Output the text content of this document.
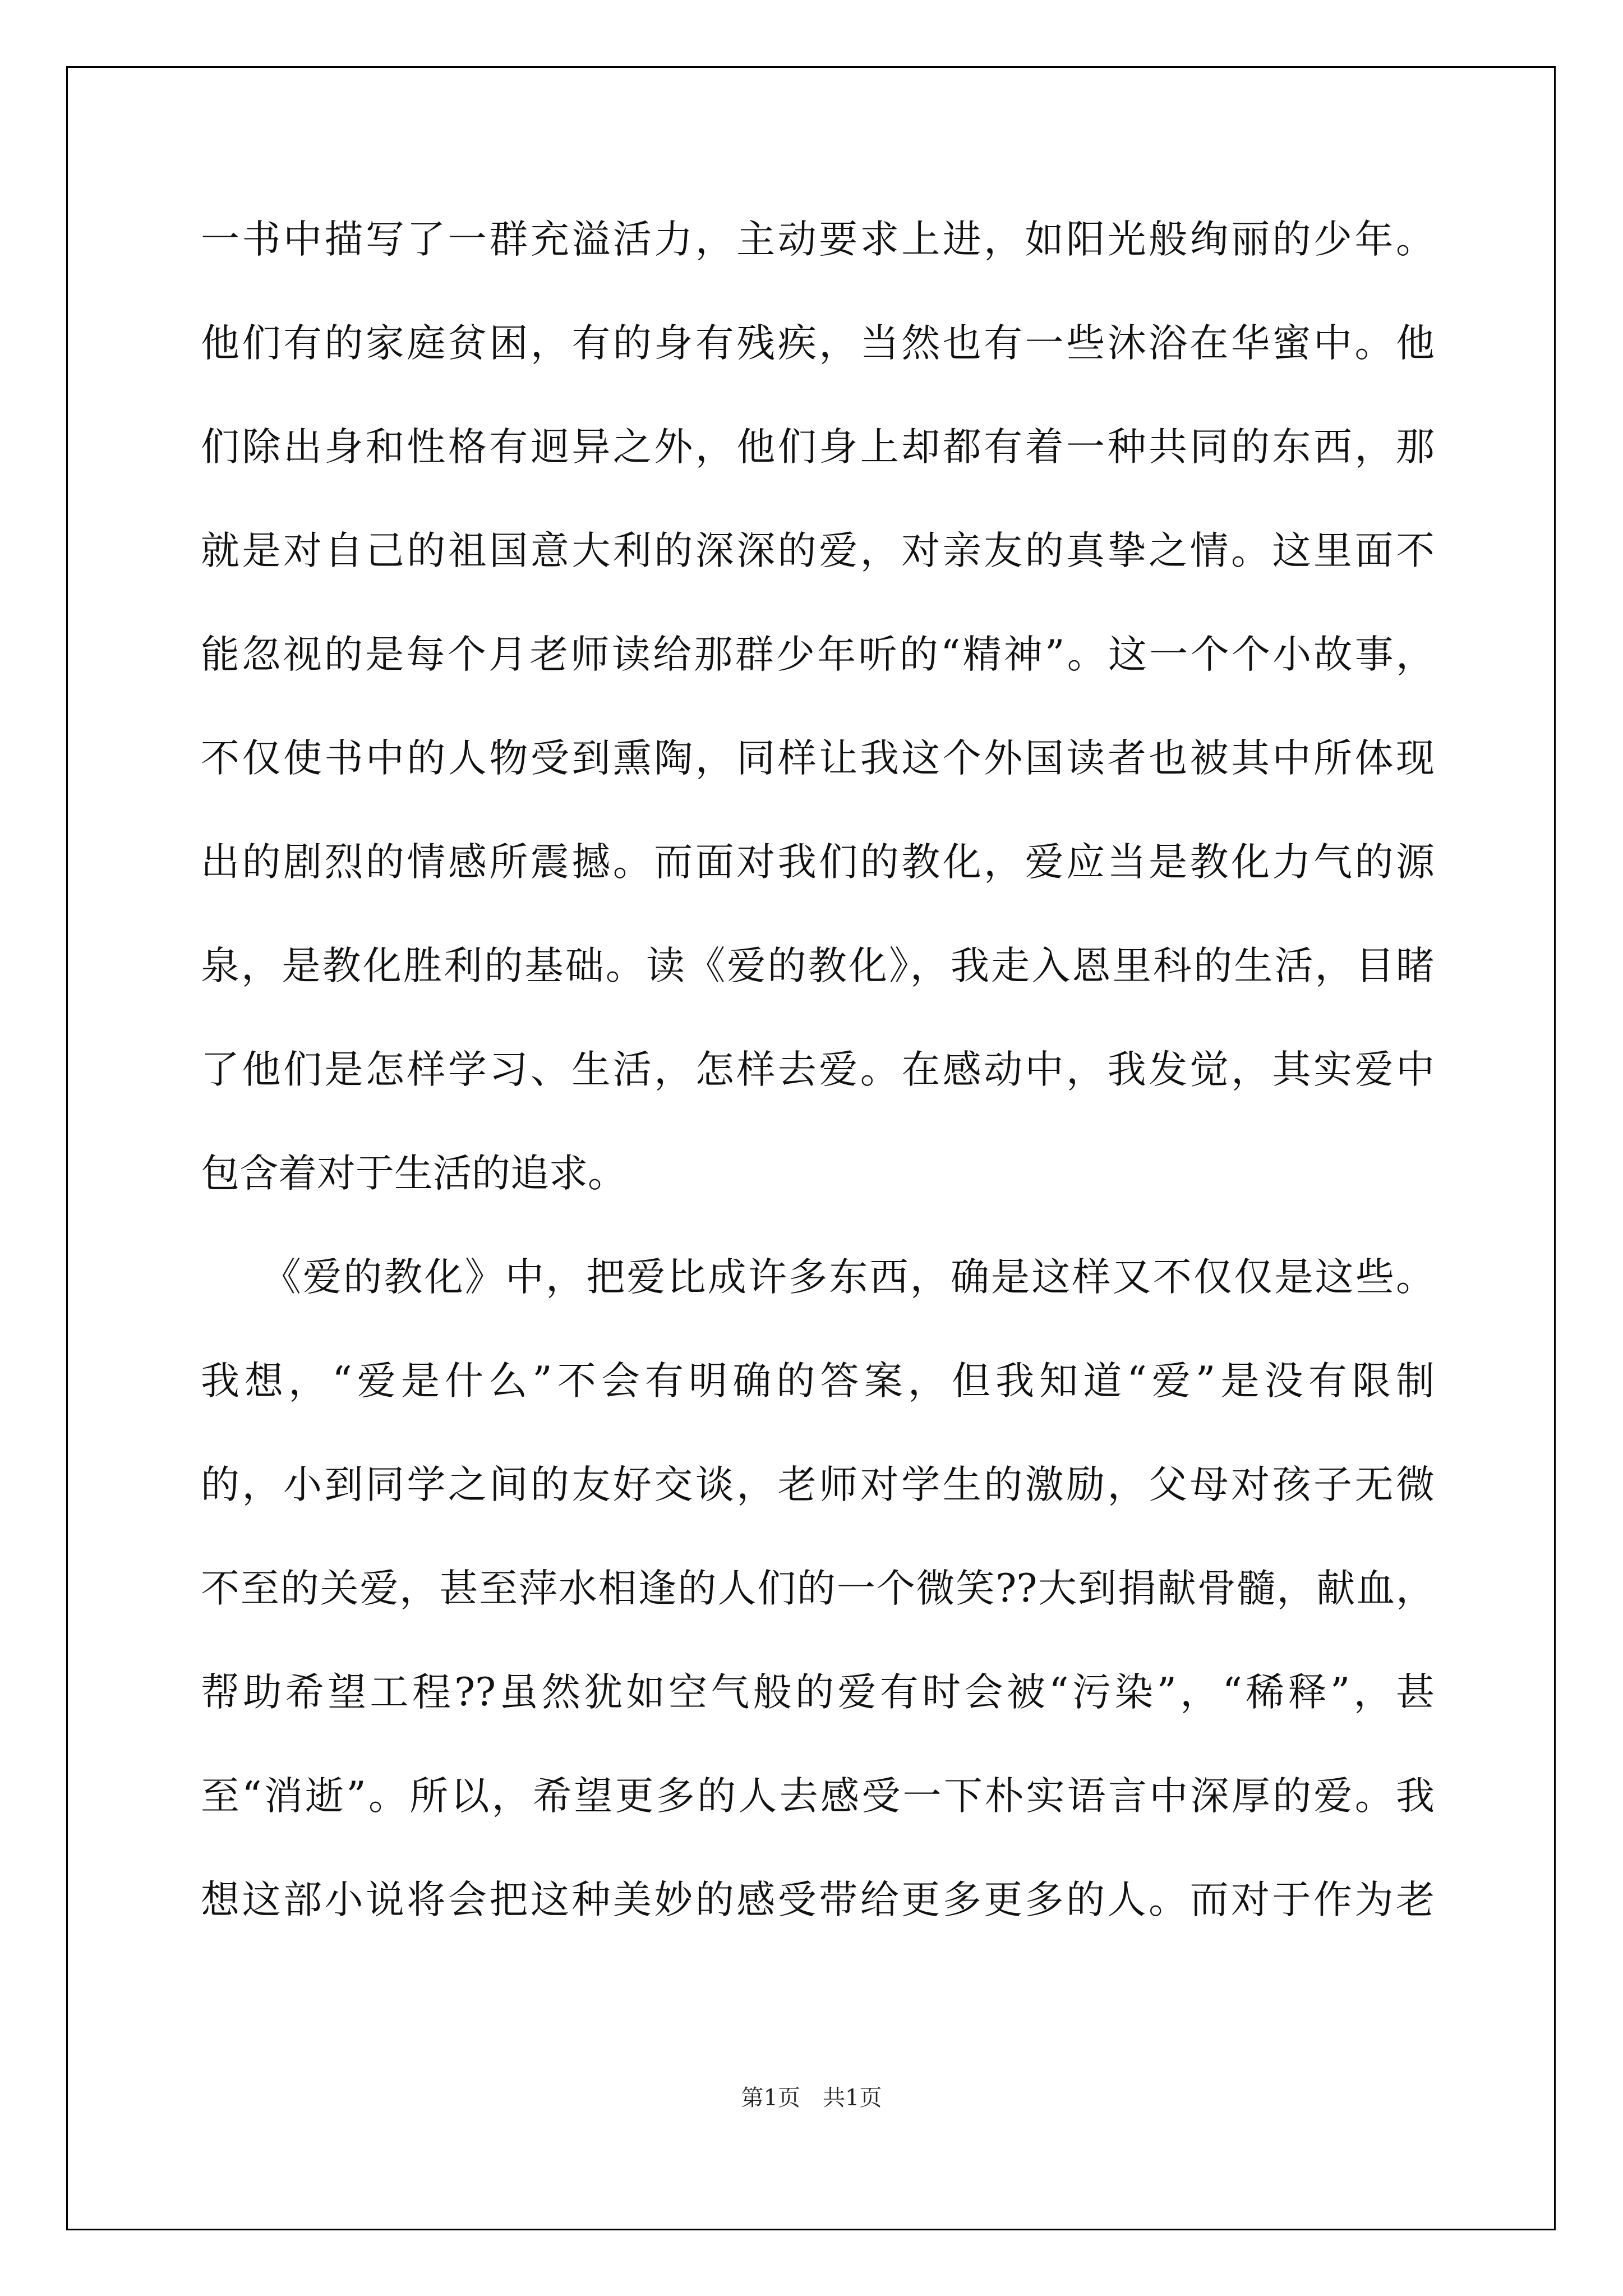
一书中描写了一群充溢活力，主动要求上进，如阳光般绚丽的少年。
他们有的家庭贫困，有的身有残疾，当然也有一些沐浴在华蜜中。他
们除出身和性格有迥异之外，他们身上却都有着一种共同的东西，那
就是对自己的祖国意大利的深深的爱，对亲友的真挚之情。这里面不
能忽视的是每个月老师读给那群少年听的“精神”。这一个个小故事，
不仅使书中的人物受到熏陶，同样让我这个外国读者也被其中所体现
出的剧烈的情感所震撼。而面对我们的教化，爱应当是教化力气的源
泉，是教化胜利的基础。读《爱的教化》，我走入恩里科的生活，目睹
了他们是怎样学习、生活，怎样去爱。在感动中，我发觉，其实爱中
包含着对于生活的追求。
　　《爱的教化》中，把爱比成许多东西，确是这样又不仅仅是这些。
我想，“爱是什么”不会有明确的答案，但我知道“爱”是没有限制
的，小到同学之间的友好交谈，老师对学生的激励，父母对孩子无微
不至的关爱，甚至萍水相逢的人们的一个微笑??大到捐献骨髓，献血，
帮助希望工程??虽然犹如空气般的爱有时会被“污染”，“稀释”，甚
至“消逝”。所以，希望更多的人去感受一下朴实语言中深厚的爱。我
想这部小说将会把这种美妙的感受带给更多更多的人。而对于作为老
第1页 共1页
